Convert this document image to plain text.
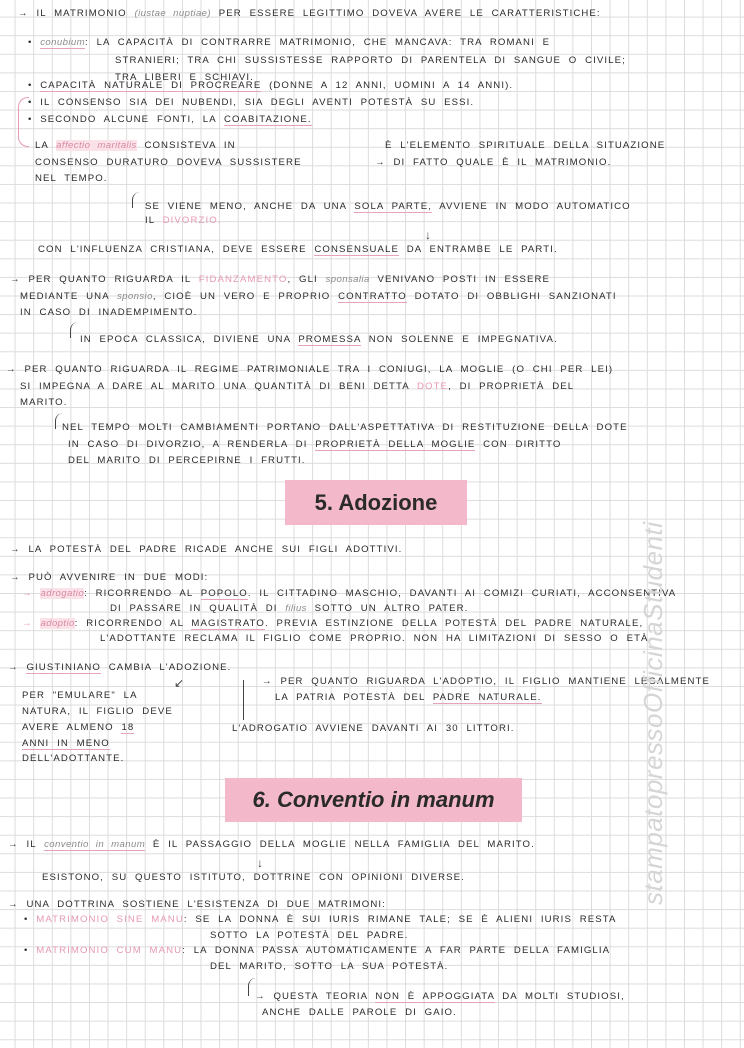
→ IL MATRIMONIO (iustae nuptiae) PER ESSERE LEGITTIMO DOVEVA AVERE LE CARATTERISTICHE:
• conubium: LA CAPACITÀ DI CONTRARRE MATRIMONIO, CHE MANCAVA: TRA ROMANI E
STRANIERI; TRA CHI SUSSISTESSE RAPPORTO DI PARENTELA DI SANGUE O CIVILE;
TRA LIBERI E SCHIAVI.
• CAPACITÀ NATURALE DI PROCREARE (DONNE A 12 ANNI, UOMINI A 14 ANNI).
• IL CONSENSO SIA DEI NUBENDI, SIA DEGLI AVENTI POTESTÀ SU ESSI.
• SECONDO ALCUNE FONTI, LA COABITAZIONE.
LA affectio maritalis CONSISTEVA IN	È L'ELEMENTO SPIRITUALE DELLA SITUAZIONE
CONSENSO DURATURO DOVEVA SUSSISTERE	→ DI FATTO QUALE È IL MATRIMONIO.
NEL TEMPO.
SE VIENE MENO, ANCHE DA UNA SOLA PARTE, AVVIENE IN MODO AUTOMATICO
IL DIVORZIO.
CON L'INFLUENZA CRISTIANA, DEVE ESSERE CONSENSUALE DA ENTRAMBE LE PARTI.
→ PER QUANTO RIGUARDA IL FIDANZAMENTO, GLI sponsalia VENIVANO POSTI IN ESSERE
MEDIANTE UNA sponsio, CIOÈ UN VERO E PROPRIO CONTRATTO DOTATO DI OBBLIGHI SANZIONATI
IN CASO DI INADEMPIMENTO.
IN EPOCA CLASSICA, DIVIENE UNA PROMESSA NON SOLENNE E IMPEGNATIVA.
→ PER QUANTO RIGUARDA IL REGIME PATRIMONIALE TRA I CONIUGI, LA MOGLIE (O CHI PER LEI)
SI IMPEGNA A DARE AL MARITO UNA QUANTITÀ DI BENI DETTA DOTE, DI PROPRIETÀ DEL
MARITO.
NEL TEMPO MOLTI CAMBIAMENTI PORTANO DALL'ASPETTATIVA DI RESTITUZIONE DELLA DOTE
IN CASO DI DIVORZIO, A RENDERLA DI PROPRIETÀ DELLA MOGLIE CON DIRITTO
DEL MARITO DI PERCEPIRNE I FRUTTI.
→ LA POTESTÀ DEL PADRE RICADE ANCHE SUI FIGLI ADOTTIVI.
→ PUÒ AVVENIRE IN DUE MODI:
→ adrogatio: RICORRENDO AL POPOLO. IL CITTADINO MASCHIO, DAVANTI AI COMIZI CURIATI, ACCONSENTIVA
DI PASSARE IN QUALITÀ DI filius SOTTO UN ALTRO PATER.
→ adoptio: RICORRENDO AL MAGISTRATO. PREVIA ESTINZIONE DELLA POTESTÀ DEL PADRE NATURALE,
L'ADOTTANTE RECLAMA IL FIGLIO COME PROPRIO. NON HA LIMITAZIONI DI SESSO O ETÀ.
→ GIUSTINIANO CAMBIA L'ADOZIONE.
→ PER QUANTO RIGUARDA L'ADOPTIO, IL FIGLIO MANTIENE LEGALMENTE
LA PATRIA POTESTÀ DEL PADRE NATURALE.
PER "EMULARE" LA
NATURA, IL FIGLIO DEVE
AVERE ALMENO 18
ANNI IN MENO
DELL'ADOTTANTE.
L'ADROGATIO AVVIENE DAVANTI AI 30 LITTORI.
→ IL conventio in manum È IL PASSAGGIO DELLA MOGLIE NELLA FAMIGLIA DEL MARITO.
ESISTONO, SU QUESTO ISTITUTO, DOTTRINE CON OPINIONI DIVERSE.
→ UNA DOTTRINA SOSTIENE L'ESISTENZA DI DUE MATRIMONI:
• MATRIMONIO SINE MANU: SE LA DONNA È SUI IURIS RIMANE TALE; SE È ALIENI IURIS RESTA
SOTTO LA POTESTÀ DEL PADRE.
• MATRIMONIO CUM MANU: LA DONNA PASSA AUTOMATICAMENTE A FAR PARTE DELLA FAMIGLIA
DEL MARITO, SOTTO LA SUA POTESTÀ.
→ QUESTA TEORIA NON È APPOGGIATA DA MOLTI STUDIOSI,
ANCHE DALLE PAROLE DI GAIO.
5. Adozione
6. Conventio in manum	stampatopressoOfficinaStudenti
↓
↙
↓
